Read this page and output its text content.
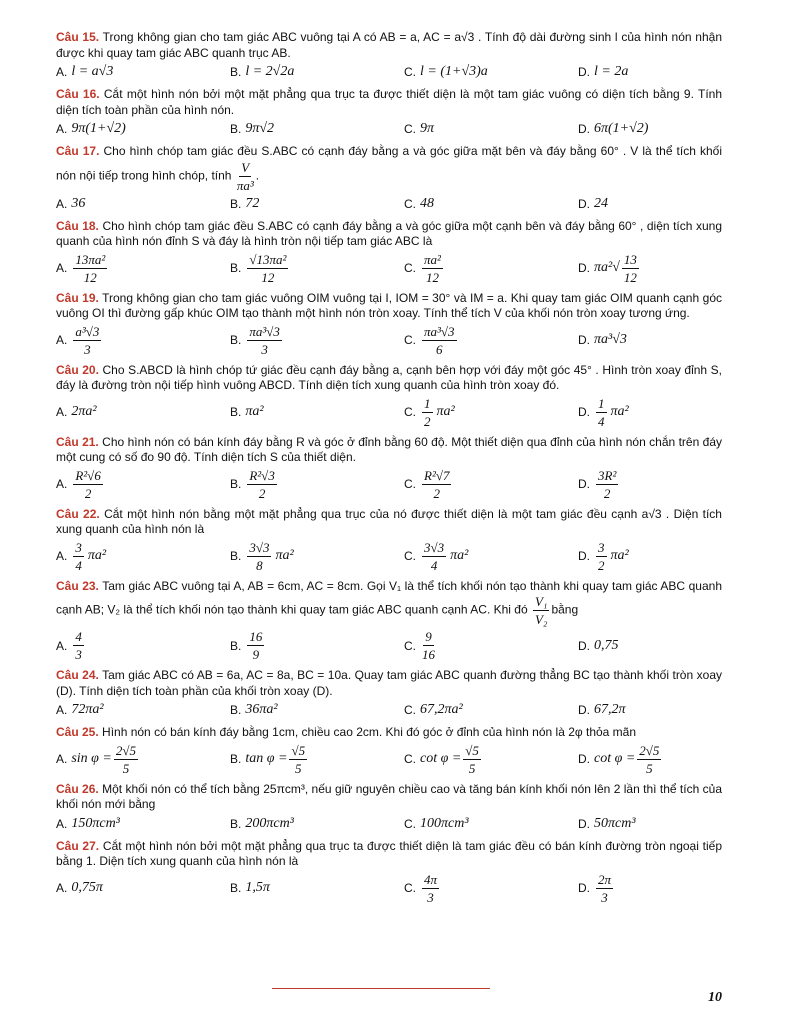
Câu 15. Trong không gian cho tam giác ABC vuông tại A có AB = a, AC = a√3 . Tính độ dài đường sinh l của hình nón nhận được khi quay tam giác ABC quanh trục AB.
A. l = a√3	B. l = 2√2a	C. l = (1+√3)a	D. l = 2a
Câu 16. Cắt một hình nón bởi một mặt phẳng qua trục ta được thiết diện là một tam giác vuông có diện tích bằng 9. Tính diện tích toàn phần của hình nón.
A. 9π(1+√2)	B. 9π√2	C. 9π	D. 6π(1+√2)
Câu 17. Cho hình chóp tam giác đều S.ABC có cạnh đáy bằng a và góc giữa mặt bên và đáy bằng 60° . V là thể tích khối nón nội tiếp trong hình chóp, tính $\frac{V}{\text{πa³}}$ .
A. 36	B. 72	C. 48	D. 24
Câu 18. Cho hình chóp tam giác đều S.ABC có cạnh đáy bằng a và góc giữa một cạnh bên và đáy bằng 60° , diện tích xung quanh của hình nón đỉnh S và đáy là hình tròn nội tiếp tam giác ABC là
A. $\frac{\text{13πa²}}{12}$	B. $\frac{\text{√13πa²}}{12}$	C. $\frac{\text{πa²}}{12}$	D. $\pi a^2√ \frac{13}{12}$
Câu 19. Trong không gian cho tam giác vuông OIM vuông tại I, IOM = 30° và IM = a. Khi quay tam giác OIM quanh cạnh góc vuông OI thì đường gấp khúc OIM tạo thành một hình nón tròn xoay. Tính thể tích V của khối nón tròn xoay tương ứng.
A. $\frac{\text{a³√3}}{3}$	B. $\frac{\text{πa³√3}}{3}$	C. $\frac{\text{πa³√3}}{6}$	D. πa³√3
Câu 20. Cho S.ABCD là hình chóp tứ giác đều cạnh đáy bằng a, cạnh bên hợp với đáy một góc 45° . Hình tròn xoay đỉnh S, đáy là đường tròn nội tiếp hình vuông ABCD. Tính diện tích xung quanh của hình tròn xoay đó.
A. 2πa²	B. πa²	C. $\frac{1}{2} \pi a^2$	D. $\frac{1}{4} \pi a^2$
Câu 21. Cho hình nón có bán kính đáy bằng R và góc ở đỉnh bằng 60 độ. Một thiết diện qua đỉnh của hình nón chắn trên đáy một cung có số đo 90 độ. Tính diện tích S của thiết diện.
A. $\frac{\text{R²√6}}{2}$	B. $\frac{\text{R²√3}}{2}$	C. $\frac{\text{R²√7}}{2}$	D. $\frac{\text{3R²}}{2}$
Câu 22. Cắt một hình nón bằng một mặt phẳng qua trục của nó được thiết diện là một tam giác đều cạnh a√3 . Diện tích xung quanh của hình nón là
A. $\frac{3}{4} \pi a^2$	B. $\frac{3√3}{8} \pi a^2$	C. $\frac{3√3}{4} \pi a^2$	D. $\frac{3}{2} \pi a^2$
Câu 23. Tam giác ABC vuông tại A, AB = 6cm, AC = 8cm. Gọi V₁ là thể tích khối nón tạo thành khi quay tam giác ABC quanh cạnh AB; V₂ là thể tích khối nón tạo thành khi quay tam giác ABC quanh cạnh AC. Khi đó $\frac{\text{V₁}}{\text{V₂}}$ bằng
A. $\frac{4}{3}$	B. $\frac{16}{9}$	C. $\frac{9}{16}$	D. 0,75
Câu 24. Tam giác ABC có AB = 6a, AC = 8a, BC = 10a. Quay tam giác ABC quanh đường thẳng BC tạo thành khối tròn xoay (D). Tính diện tích toàn phần của khối tròn xoay (D).
A. 72πa²	B. 36πa²	C. 67,2πa²	D. 67,2π
Câu 25. Hình nón có bán kính đáy bằng 1cm, chiều cao 2cm. Khi đó góc ở đỉnh của hình nón là 2φ thỏa mãn
A. $\sin \varphi = \frac{2√5}{5}$	B. $\tan \varphi = \frac{√5}{5}$	C. $\cot \varphi = \frac{√5}{5}$	D. $\cot \varphi = \frac{2√5}{5}$
Câu 26. Một khối nón có thể tích bằng 25πcm³, nếu giữ nguyên chiều cao và tăng bán kính khối nón lên 2 lần thì thể tích của khối nón mới bằng
A. 150πcm³	B. 200πcm³	C. 100πcm³	D. 50πcm³
Câu 27. Cắt một hình nón bởi một mặt phẳng qua trục ta được thiết diện là tam giác đều có bán kính đường tròn ngoại tiếp bằng 1. Diện tích xung quanh của hình nón là
A. 0,75π	B. 1,5π	C. $\frac{4\pi}{3}$	D. $\frac{2\pi}{3}$
10
